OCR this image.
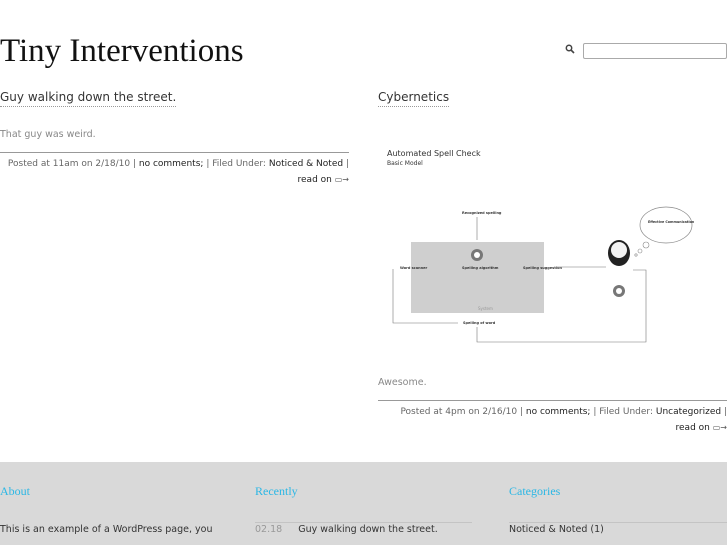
Tiny Interventions
Guy walking down the street.

That guy was weird.

Posted at 11am on 2/18/10 | no comments; | Filed Under: Noticed & Noted |
read on ▭→
Cybernetics
Automated Spell Check
Basic Model
System
Recognized spelling
Word scanner	Spelling algorithm	Spelling suggestion
Spelling of word
Effective Communication

Awesome.

Posted at 4pm on 2/16/10 | no comments; | Filed Under: Uncategorized | read on ▭→
About
This is an example of a WordPress page, you
Recently
02.18 Guy walking down the street.
Categories
Noticed & Noted (1)
